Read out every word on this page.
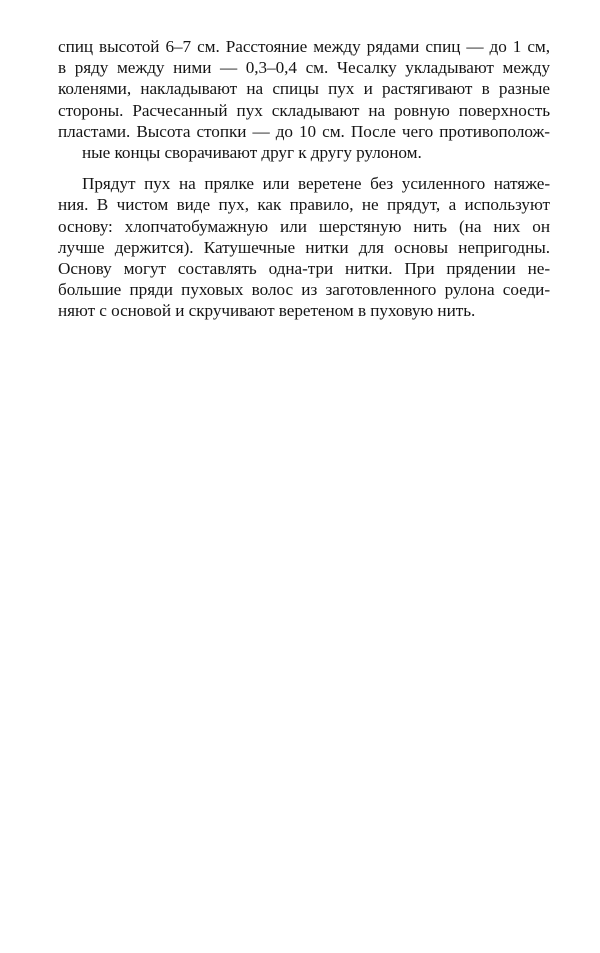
спиц высотой 6–7 см. Расстояние между рядами спиц — до 1 см,
в ряду между ними — 0,3–0,4 см. Чесалку укладывают между
коленями, накладывают на спицы пух и растягивают в разные
стороны. Расчесанный пух складывают на ровную поверхность
пластами. Высота стопки — до 10 см. После чего противополож-
ные концы сворачивают друг к другу рулоном.
Прядут пух на прялке или веретене без усиленного натяже-
ния. В чистом виде пух, как правило, не прядут, а используют
основу: хлопчатобумажную или шерстяную нить (на них он
лучше держится). Катушечные нитки для основы непригодны.
Основу могут составлять одна-три нитки. При прядении не-
большие пряди пуховых волос из заготовленного рулона соеди-
няют с основой и скручивают веретеном в пуховую нить.
